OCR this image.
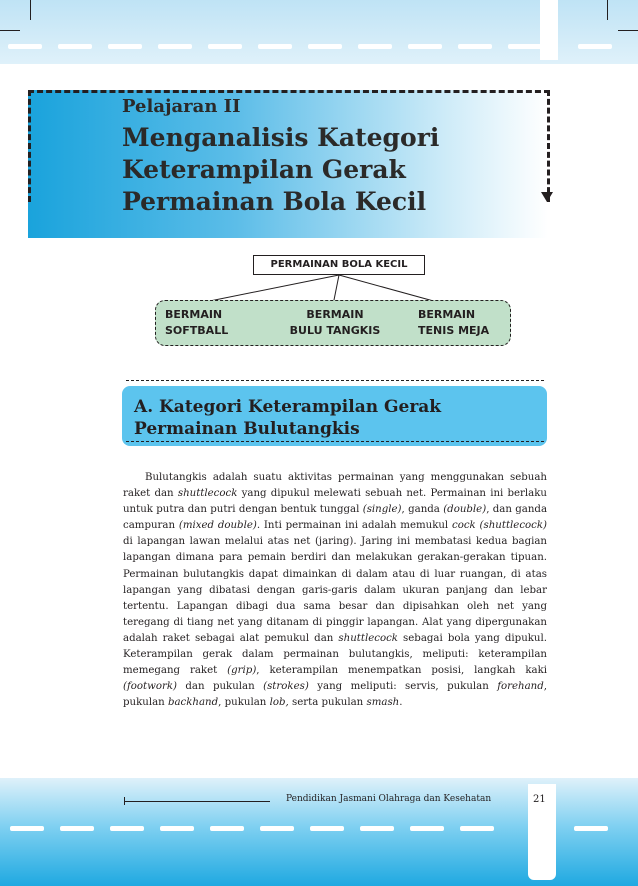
Pelajaran II
Menganalisis Kategori Keterampilan Gerak Permainan Bola Kecil
PERMAINAN BOLA KECIL
BERMAIN
SOFTBALL
BERMAIN
BULU TANGKIS
BERMAIN
TENIS MEJA
A. Kategori Keterampilan Gerak Permainan Bulutangkis

Bulutangkis adalah suatu aktivitas permainan yang menggunakan sebuah raket dan shuttlecock yang dipukul melewati sebuah net. Permainan ini berlaku untuk putra dan putri dengan bentuk tunggal (single), ganda (double), dan ganda campuran (mixed double). Inti permainan ini adalah memukul cock (shuttlecock) di lapangan lawan melalui atas net (jaring). Jaring ini membatasi kedua bagian lapangan dimana para pemain berdiri dan melakukan gerakan-gerakan tipuan. Permainan bulutangkis dapat dimainkan di dalam atau di luar ruangan, di atas lapangan yang dibatasi dengan garis-garis dalam ukuran panjang dan lebar tertentu. Lapangan dibagi dua sama besar dan dipisahkan oleh net yang teregang di tiang net yang ditanam di pinggir lapangan. Alat yang dipergunakan adalah raket sebagai alat pemukul dan shuttlecock sebagai bola yang dipukul. Keterampilan gerak dalam permainan bulutangkis, meliputi: keterampilan memegang raket (grip), keterampilan menempatkan posisi, langkah kaki (footwork) dan pukulan (strokes) yang meliputi: servis, pukulan forehand, pukulan backhand, pukulan lob, serta pukulan smash.

Pendidikan Jasmani Olahraga dan Kesehatan	21
